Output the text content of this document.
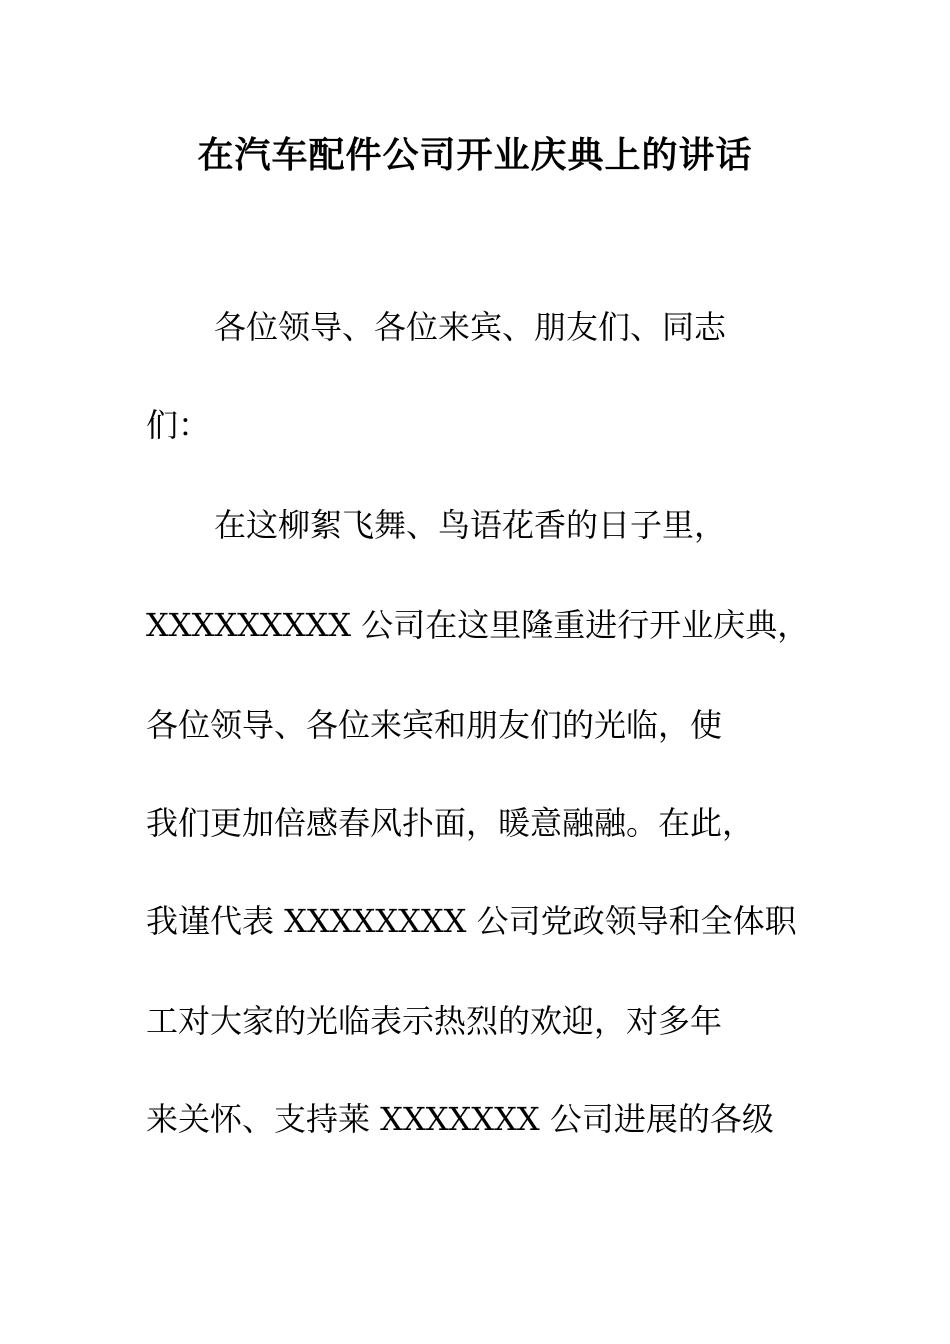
在汽车配件公司开业庆典上的讲话

各位领导、各位来宾、朋友们、同志

们：

在这柳絮飞舞、鸟语花香的日子里，

XXXXXXXXX 公司在这里隆重进行开业庆典，

各位领导、各位来宾和朋友们的光临，使

我们更加倍感春风扑面，暖意融融。在此，

我谨代表 XXXXXXXX 公司党政领导和全体职

工对大家的光临表示热烈的欢迎，对多年

来关怀、支持莱 XXXXXXX 公司进展的各级
